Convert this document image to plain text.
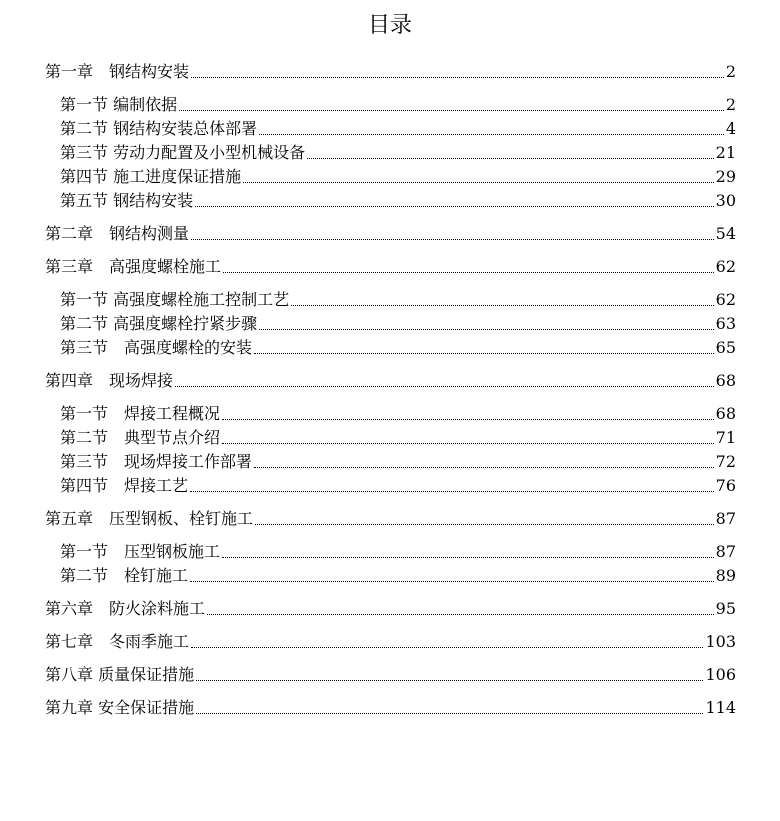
目录
第一章　钢结构安装	2
第一节 编制依据	2
第二节 钢结构安装总体部署	4
第三节 劳动力配置及小型机械设备	21
第四节 施工进度保证措施	29
第五节 钢结构安装	30
第二章　钢结构测量	54
第三章　高强度螺栓施工	62
第一节 高强度螺栓施工控制工艺	62
第二节 高强度螺栓拧紧步骤	63
第三节　高强度螺栓的安装	65
第四章　现场焊接	68
第一节　焊接工程概况	68
第二节　典型节点介绍	71
第三节　现场焊接工作部署	72
第四节　焊接工艺	76
第五章　压型钢板、栓钉施工	87
第一节　压型钢板施工	87
第二节　栓钉施工	89
第六章　防火涂料施工	95
第七章　冬雨季施工	103
第八章 质量保证措施	106
第九章 安全保证措施	114
